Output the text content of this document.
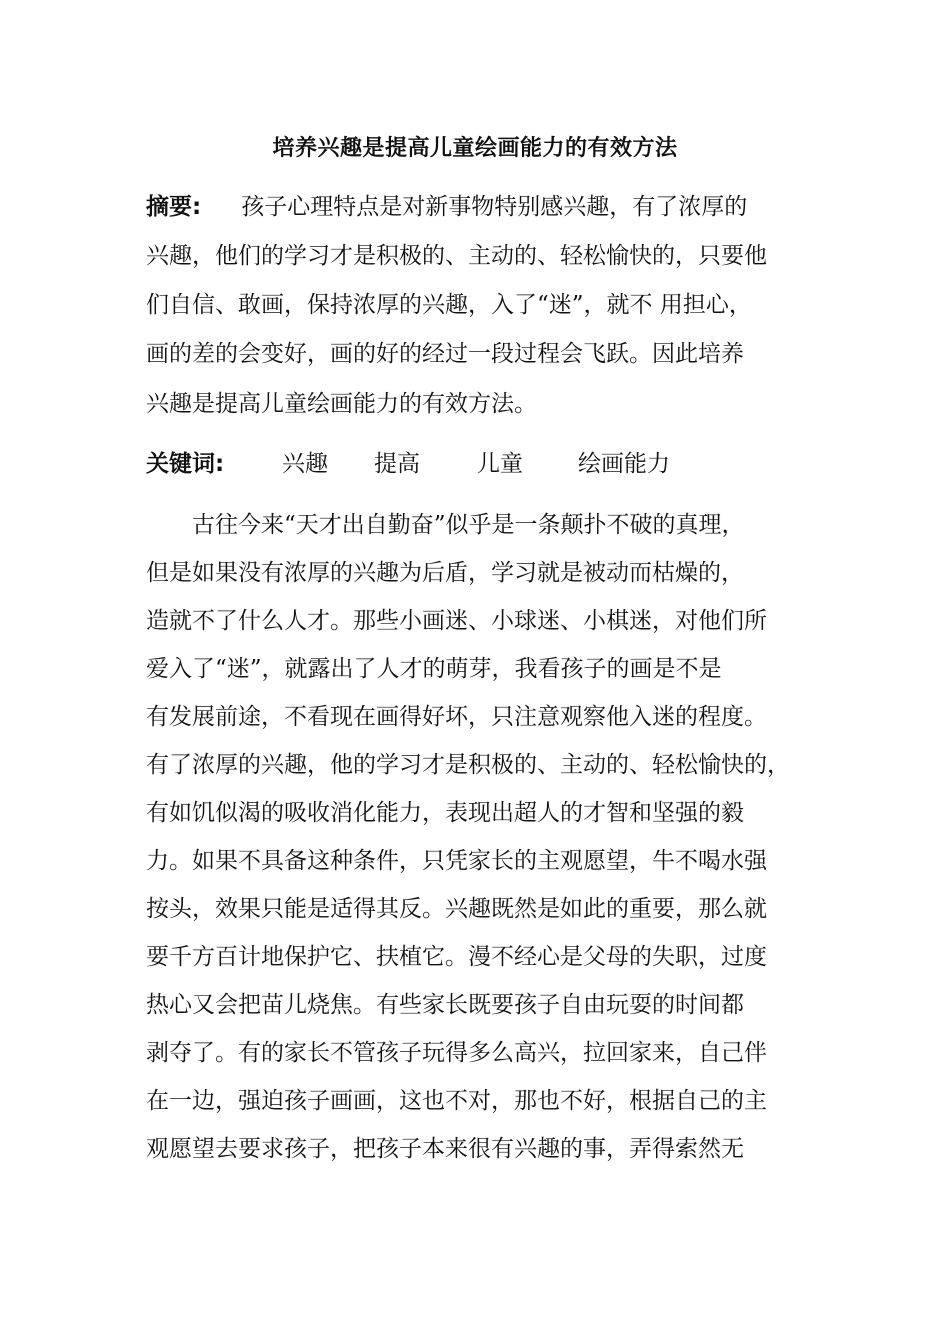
培养兴趣是提高儿童绘画能力的有效方法
摘要: 孩子心理特点是对新事物特别感兴趣，有了浓厚的
兴趣，他们的学习才是积极的、主动的、轻松愉快的，只要他
们自信、敢画，保持浓厚的兴趣，入了“迷”，就不 用担心，
画的差的会变好，画的好的经过一段过程会飞跃。因此培养
兴趣是提高儿童绘画能力的有效方法。
关键词:	兴趣 提高 儿童 绘画能力
古往今来“天才出自勤奋”似乎是一条颠扑不破的真理，
但是如果没有浓厚的兴趣为后盾，学习就是被动而枯燥的，
造就不了什么人才。那些小画迷、小球迷、小棋迷，对他们所
爱入了“迷”，就露出了人才的萌芽，我看孩子的画是不是
有发展前途，不看现在画得好坏，只注意观察他入迷的程度。
有了浓厚的兴趣，他的学习才是积极的、主动的、轻松愉快的，
有如饥似渴的吸收消化能力，表现出超人的才智和坚强的毅
力。如果不具备这种条件，只凭家长的主观愿望，牛不喝水强
按头，效果只能是适得其反。兴趣既然是如此的重要，那么就
要千方百计地保护它、扶植它。漫不经心是父母的失职，过度
热心又会把苗儿烧焦。有些家长既要孩子自由玩耍的时间都
剥夺了。有的家长不管孩子玩得多么高兴，拉回家来，自己伴
在一边，强迫孩子画画，这也不对，那也不好，根据自己的主
观愿望去要求孩子，把孩子本来很有兴趣的事，弄得索然无
